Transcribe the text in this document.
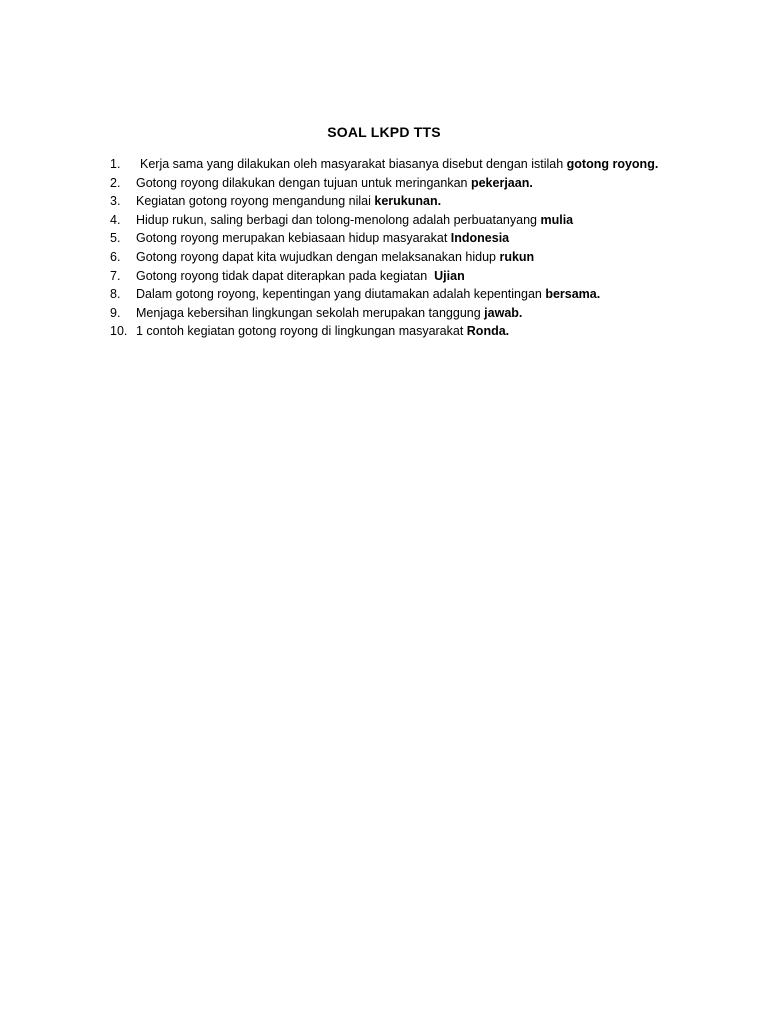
SOAL LKPD TTS
1.	Kerja sama yang dilakukan oleh masyarakat biasanya disebut dengan istilah gotong royong.
2.	Gotong royong dilakukan dengan tujuan untuk meringankan pekerjaan.
3.	Kegiatan gotong royong mengandung nilai kerukunan.
4.	Hidup rukun, saling berbagi dan tolong-menolong adalah perbuatanyang mulia
5.	Gotong royong merupakan kebiasaan hidup masyarakat Indonesia
6.	Gotong royong dapat kita wujudkan dengan melaksanakan hidup rukun
7.	Gotong royong tidak dapat diterapkan pada kegiatan  Ujian
8.	Dalam gotong royong, kepentingan yang diutamakan adalah kepentingan bersama.
9.	Menjaga kebersihan lingkungan sekolah merupakan tanggung jawab.
10. 1 contoh kegiatan gotong royong di lingkungan masyarakat Ronda.
